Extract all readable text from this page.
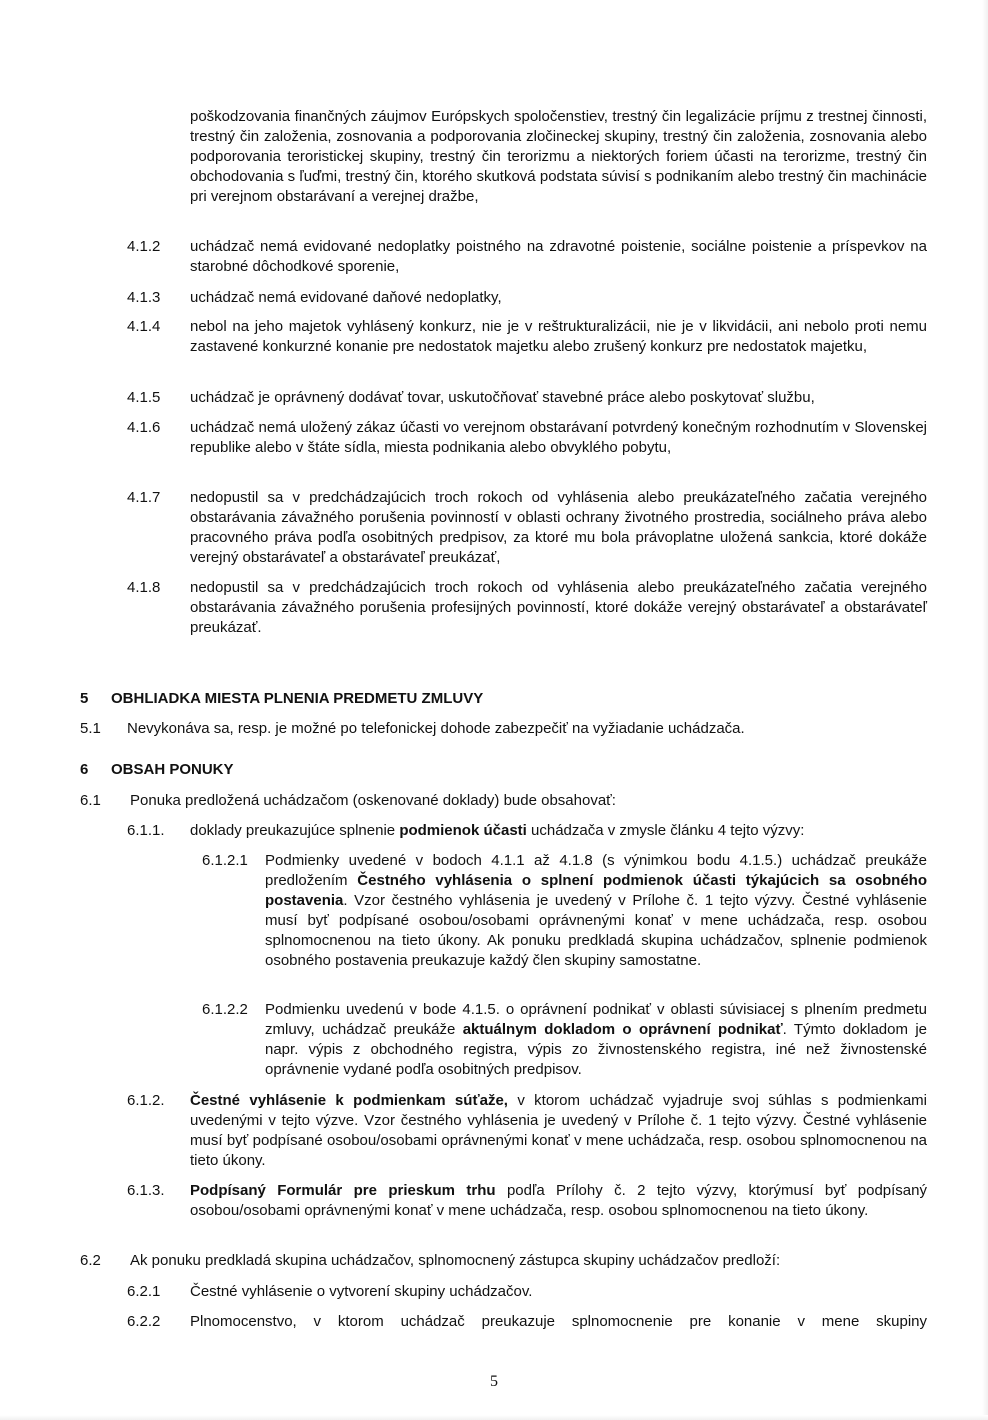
poškodzovania finančných záujmov Európskych spoločenstiev, trestný čin legalizácie príjmu z trestnej činnosti, trestný čin založenia, zosnovania a podporovania zločineckej skupiny, trestný čin založenia, zosnovania alebo podporovania teroristickej skupiny, trestný čin terorizmu a niektorých foriem účasti na terorizme, trestný čin obchodovania s ľuďmi, trestný čin, ktorého skutková podstata súvisí s podnikaním alebo trestný čin machinácie pri verejnom obstarávaní a verejnej dražbe,

4.1.2 uchádzač nemá evidované nedoplatky poistného na zdravotné poistenie, sociálne poistenie a príspevkov na starobné dôchodkové sporenie,

4.1.3 uchádzač nemá evidované daňové nedoplatky,

4.1.4 nebol na jeho majetok vyhlásený konkurz, nie je v reštrukturalizácii, nie je v likvidácii, ani nebolo proti nemu zastavené konkurzné konanie pre nedostatok majetku alebo zrušený konkurz pre nedostatok majetku,

4.1.5 uchádzač je oprávnený dodávať tovar, uskutočňovať stavebné práce alebo poskytovať službu,

4.1.6 uchádzač nemá uložený zákaz účasti vo verejnom obstarávaní potvrdený konečným rozhodnutím v Slovenskej republike alebo v štáte sídla, miesta podnikania alebo obvyklého pobytu,

4.1.7 nedopustil sa v predchádzajúcich troch rokoch od vyhlásenia alebo preukázateľného začatia verejného obstarávania závažného porušenia povinností v oblasti ochrany životného prostredia, sociálneho práva alebo pracovného práva podľa osobitných predpisov, za ktoré mu bola právoplatne uložená sankcia, ktoré dokáže verejný obstarávateľ a obstarávateľ preukázať,

4.1.8 nedopustil sa v predchádzajúcich troch rokoch od vyhlásenia alebo preukázateľného začatia verejného obstarávania závažného porušenia profesijných povinností, ktoré dokáže verejný obstarávateľ a obstarávateľ preukázať.

5 OBHLIADKA MIESTA PLNENIA PREDMETU ZMLUVY
5.1 Nevykonáva sa, resp. je možné po telefonickej dohode zabezpečiť na vyžiadanie uchádzača.

6 OBSAH PONUKY
6.1 Ponuka predložená uchádzačom (oskenované doklady) bude obsahovať:

6.1.1. doklady preukazujúce splnenie podmienok účasti uchádzača v zmysle článku 4 tejto výzvy:

6.1.2.1 Podmienky uvedené v bodoch 4.1.1 až 4.1.8 (s výnimkou bodu 4.1.5.) uchádzač preukáže predložením Čestného vyhlásenia o splnení podmienok účasti týkajúcich sa osobného postavenia. Vzor čestného vyhlásenia je uvedený v Prílohe č. 1 tejto výzvy. Čestné vyhlásenie musí byť podpísané osobou/osobami oprávnenými konať v mene uchádzača, resp. osobou splnomocnenou na tieto úkony. Ak ponuku predkladá skupina uchádzačov, splnenie podmienok osobného postavenia preukazuje každý člen skupiny samostatne.

6.1.2.2 Podmienku uvedenú v bode 4.1.5. o oprávnení podnikať v oblasti súvisiacej s plnením predmetu zmluvy, uchádzač preukáže aktuálnym dokladom o oprávnení podnikať. Týmto dokladom je napr. výpis z obchodného registra, výpis zo živnostenského registra, iné než živnostenské oprávnenie vydané podľa osobitných predpisov.

6.1.2. Čestné vyhlásenie k podmienkam súťaže, v ktorom uchádzač vyjadruje svoj súhlas s podmienkami uvedenými v tejto výzve. Vzor čestného vyhlásenia je uvedený v Prílohe č. 1 tejto výzvy. Čestné vyhlásenie musí byť podpísané osobou/osobami oprávnenými konať v mene uchádzača, resp. osobou splnomocnenou na tieto úkony.

6.1.3. Podpísaný Formulár pre prieskum trhu podľa Prílohy č. 2 tejto výzvy, ktorýmusí byť podpísaný osobou/osobami oprávnenými konať v mene uchádzača, resp. osobou splnomocnenou na tieto úkony.

6.2 Ak ponuku predkladá skupina uchádzačov, splnomocnený zástupca skupiny uchádzačov predloží:

6.2.1 Čestné vyhlásenie o vytvorení skupiny uchádzačov.

6.2.2 Plnomocenstvo, v ktorom uchádzač preukazuje splnomocnenie pre konanie v mene skupiny

5
